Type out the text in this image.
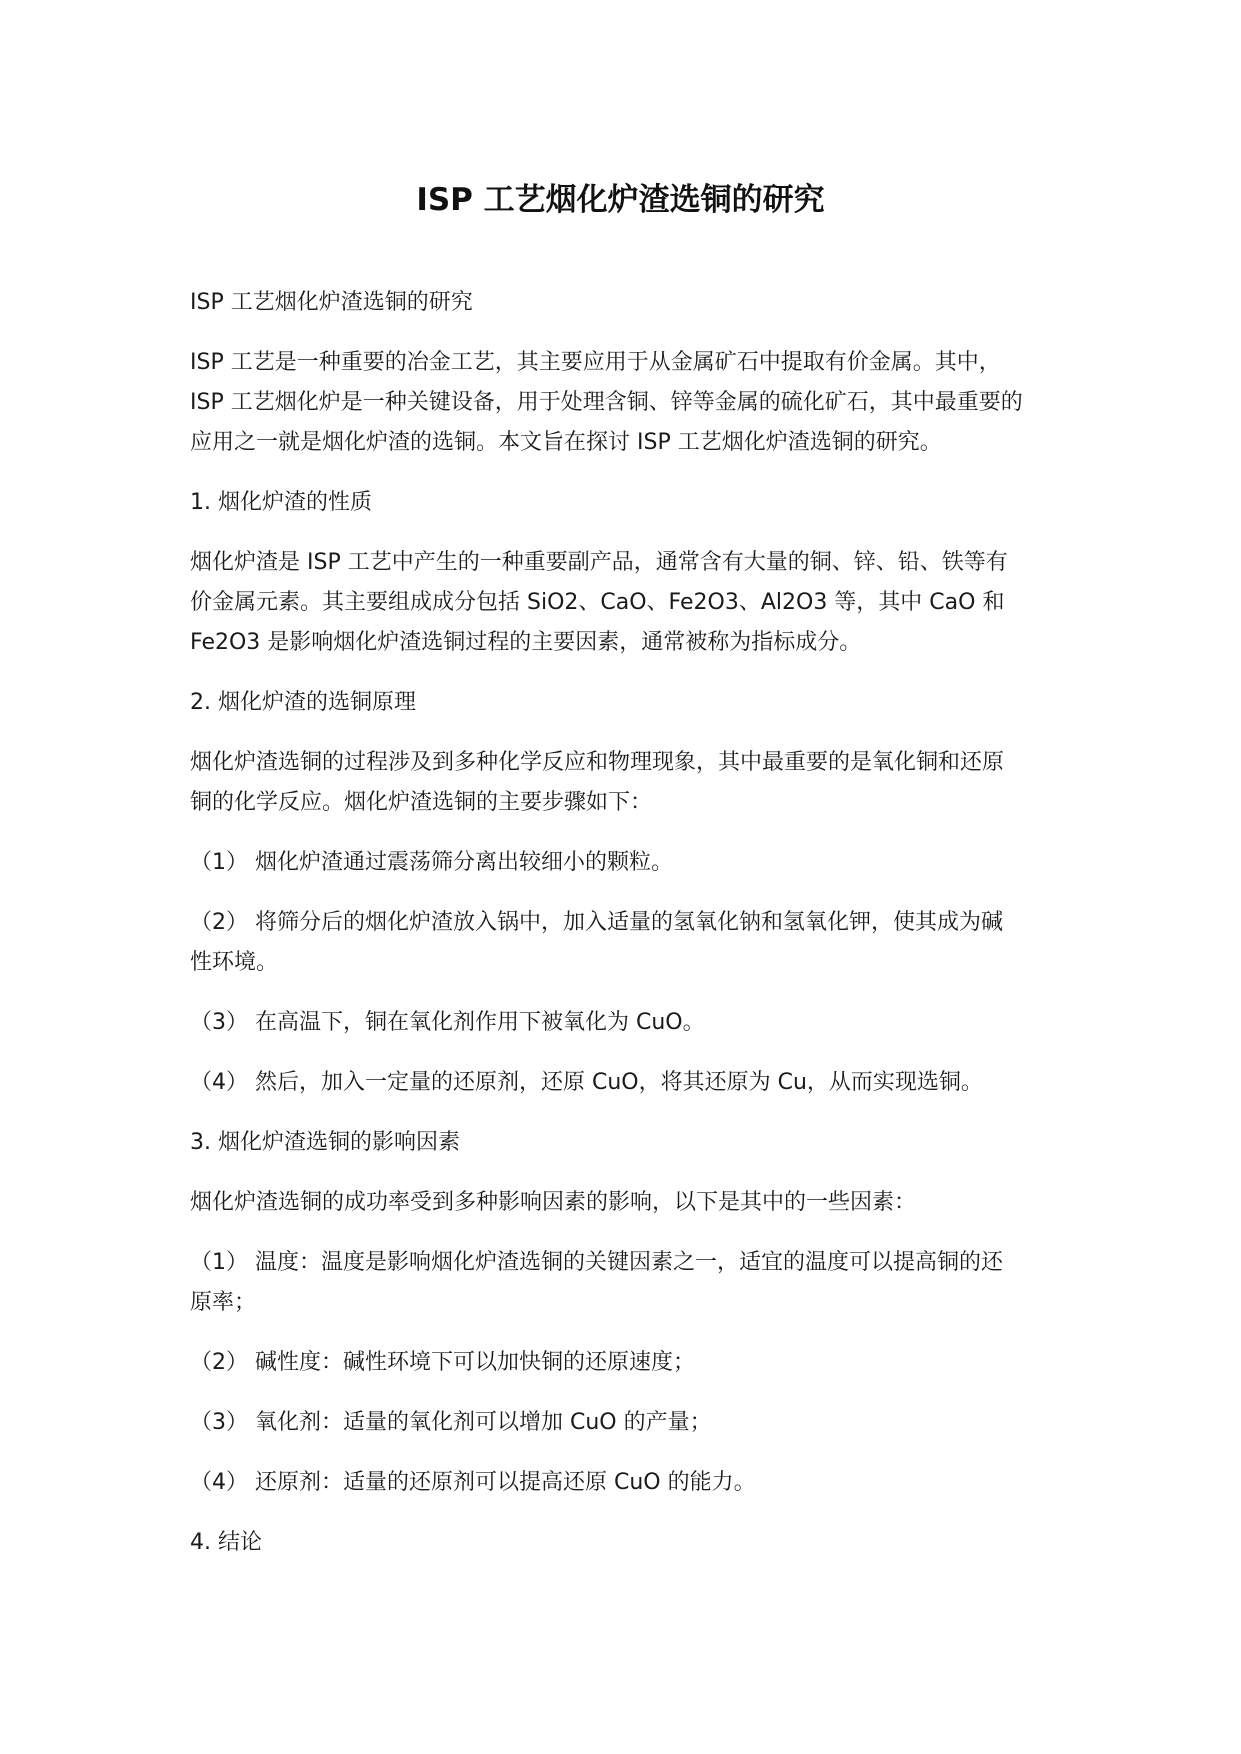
ISP 工艺烟化炉渣选铜的研究

ISP 工艺烟化炉渣选铜的研究

ISP 工艺是一种重要的冶金工艺，其主要应用于从金属矿石中提取有价金属。其中，
ISP 工艺烟化炉是一种关键设备，用于处理含铜、锌等金属的硫化矿石，其中最重要的
应用之一就是烟化炉渣的选铜。本文旨在探讨 ISP 工艺烟化炉渣选铜的研究。

1. 烟化炉渣的性质

烟化炉渣是 ISP 工艺中产生的一种重要副产品，通常含有大量的铜、锌、铅、铁等有
价金属元素。其主要组成成分包括 SiO2、CaO、Fe2O3、Al2O3 等，其中 CaO 和
Fe2O3 是影响烟化炉渣选铜过程的主要因素，通常被称为指标成分。

2. 烟化炉渣的选铜原理

烟化炉渣选铜的过程涉及到多种化学反应和物理现象，其中最重要的是氧化铜和还原
铜的化学反应。烟化炉渣选铜的主要步骤如下：

（1） 烟化炉渣通过震荡筛分离出较细小的颗粒。

（2） 将筛分后的烟化炉渣放入锅中，加入适量的氢氧化钠和氢氧化钾，使其成为碱
性环境。

（3） 在高温下，铜在氧化剂作用下被氧化为 CuO。

（4） 然后，加入一定量的还原剂，还原 CuO，将其还原为 Cu，从而实现选铜。

3. 烟化炉渣选铜的影响因素

烟化炉渣选铜的成功率受到多种影响因素的影响，以下是其中的一些因素：

（1） 温度：温度是影响烟化炉渣选铜的关键因素之一，适宜的温度可以提高铜的还
原率；

（2） 碱性度：碱性环境下可以加快铜的还原速度；

（3） 氧化剂：适量的氧化剂可以增加 CuO 的产量；

（4） 还原剂：适量的还原剂可以提高还原 CuO 的能力。

4. 结论
